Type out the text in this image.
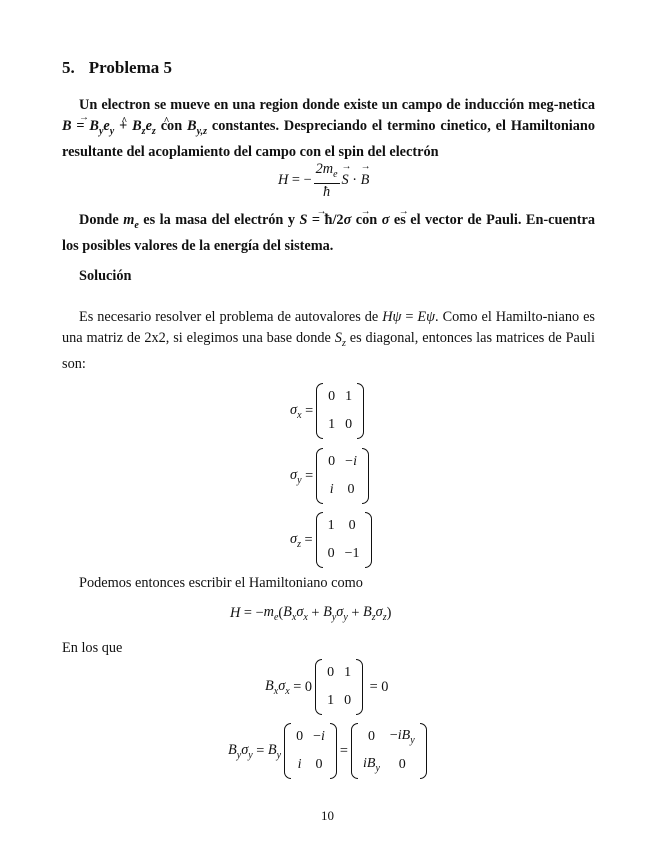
5. Problema 5

Un electron se mueve en una region donde existe un campo de inducción meg-netica → $B = B_y\^{}$ $e_y$ + $B_z\^{}$ $e_z$ con $B_{y,z}$ constantes. Despreciando el termino cinetico, el Hamiltoniano resultante del acoplamiento del campo con el spin del electrón

H = − $\frac{2m_e}{ħ} \to S$ · → B

Donde $m_e$ es la masa del electrón y → S = ħ/2→ σ con → σ es el vector de Pauli. En-cuentra los posibles valores de la energía del sistema.

Solución

Es necesario resolver el problema de autovalores de Hψ = Eψ. Como el Hamilto-niano es una matriz de 2x2, si elegimos una base donde $S_z$ es diagonal, entonces las matrices de Pauli son:

$\sigma_x$ =
0	1
1	0
$\sigma_y$ =
0	−i
i	0
$\sigma_z$ =
1	0
0	−1

Podemos entonces escribir el Hamiltoniano como

H = − $m_e$ ( $B_x\sigma_x + B_y\sigma_y + B_z\sigma_z$ )

En los que

$B_x\sigma_x = 0$
0	1
1	0
= 0
$B_y\sigma_y = B_y$
0	−i
i	0
=
0	$-iB_y$
$iB_y$	0
10
